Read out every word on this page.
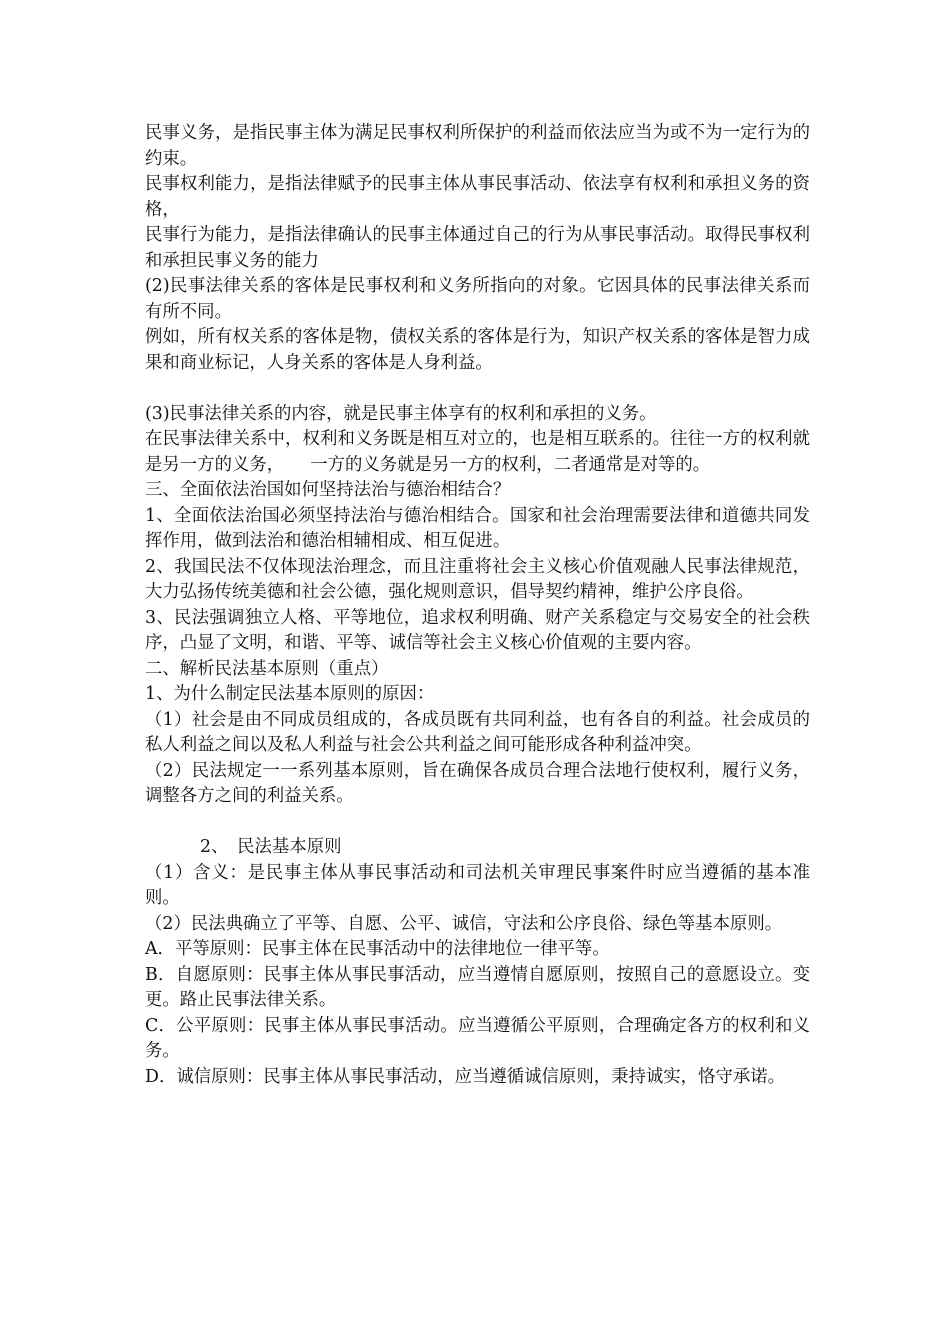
民事义务，是指民事主体为满足民事权利所保护的利益而依法应当为或不为一定行为的约束。

民事权利能力，是指法律赋予的民事主体从事民事活动、依法享有权利和承担义务的资格，

民事行为能力，是指法律确认的民事主体通过自己的行为从事民事活动。取得民事权利和承担民事义务的能力

(2)民事法律关系的客体是民事权利和义务所指向的对象。它因具体的民事法律关系而有所不同。

例如，所有权关系的客体是物，债权关系的客体是行为，知识产权关系的客体是智力成果和商业标记，人身关系的客体是人身利益。

(3)民事法律关系的内容，就是民事主体享有的权利和承担的义务。

在民事法律关系中，权利和义务既是相互对立的，也是相互联系的。往往一方的权利就是另一方的义务，　　一方的义务就是另一方的权利，二者通常是对等的。

三、全面依法治国如何坚持法治与德治相结合？

1、全面依法治国必须坚持法治与德治相结合。国家和社会治理需要法律和道德共同发挥作用，做到法治和德治相辅相成、相互促进。

2、我国民法不仅体现法治理念，而且注重将社会主义核心价值观融人民事法律规范，大力弘扬传统美德和社会公德，强化规则意识，倡导契约精神，维护公序良俗。

3、民法强调独立人格、平等地位，追求权利明确、财产关系稳定与交易安全的社会秩序，凸显了文明，和谐、平等、诚信等社会主义核心价值观的主要内容。

二、解析民法基本原则（重点）

1、为什么制定民法基本原则的原因：

（1）社会是由不同成员组成的，各成员既有共同利益，也有各自的利益。社会成员的私人利益之间以及私人利益与社会公共利益之间可能形成各种利益冲突。

（2）民法规定一一系列基本原则，旨在确保各成员合理合法地行使权利，履行义务，调整各方之间的利益关系。

2、　民法基本原则

（1）含义：是民事主体从事民事活动和司法机关审理民事案件时应当遵循的基本准则。

（2）民法典确立了平等、自愿、公平、诚信，守法和公序良俗、绿色等基本原则。

A．平等原则：民事主体在民事活动中的法律地位一律平等。

B．自愿原则：民事主体从事民事活动，应当遵情自愿原则，按照自己的意愿设立。变更。路止民事法律关系。

C．公平原则：民事主体从事民事活动。应当遵循公平原则，合理确定各方的权利和义务。

D．诚信原则：民事主体从事民事活动，应当遵循诚信原则，秉持诚实，恪守承诺。
